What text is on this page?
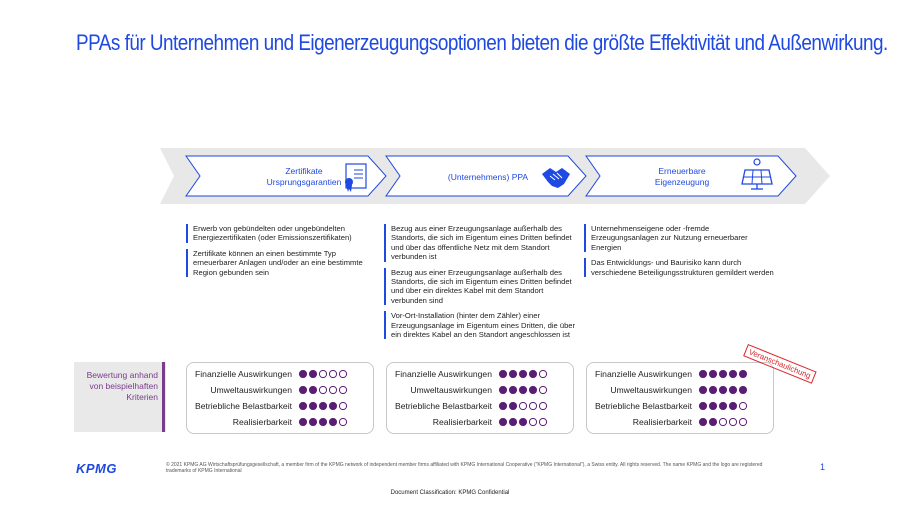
PPAs für Unternehmen und Eigenerzeugungsoptionen bieten die größte Effektivität und Außenwirkung.
Zertifikate
Ursprungsgarantien	(Unternehmens) PPA
Erneuerbare
Eigenzeugung
Erwerb von gebündelten oder ungebündelten Energiezertifikaten (oder Emissionszertifikaten)
Zertifikate können an einen bestimmte Typ erneuerbarer Anlagen und/oder an eine bestimmte Region gebunden sein
Bezug aus einer Erzeugungsanlage außerhalb des Standorts, die sich im Eigentum eines Dritten befindet und über das öffentliche Netz mit dem Standort verbunden ist
Bezug aus einer Erzeugungsanlage außerhalb des Standorts, die sich im Eigentum eines Dritten befindet und über ein direktes Kabel mit dem Standort verbunden sind
Vor-Ort-Installation (hinter dem Zähler) einer Erzeugungsanlage im Eigentum eines Dritten, die über ein direktes Kabel an den Standort angeschlossen ist
Unternehmenseigene oder -fremde Erzeugungsanlagen zur Nutzung erneuerbarer Energien
Das Entwicklungs- und Baurisiko kann durch verschiedene Beteiligungsstrukturen gemildert werden
Bewertung anhand von beispielhaften Kriterien
Finanzielle Auswirkungen
Umweltauswirkungen
Betriebliche Belastbarkeit
Realisierbarkeit
Finanzielle Auswirkungen
Umweltauswirkungen
Betriebliche Belastbarkeit
Realisierbarkeit
Finanzielle Auswirkungen
Umweltauswirkungen
Betriebliche Belastbarkeit
Realisierbarkeit
Veranschaulichung
KPMG	© 2021 KPMG AG Wirtschaftsprüfungsgesellschaft, a member firm of the KPMG network of independent member firms affiliated with KPMG International Cooperative ("KPMG International"), a Swiss entity. All rights reserved. The name KPMG and the logo are registered trademarks of KPMG International	1
Document Classification: KPMG Confidential
